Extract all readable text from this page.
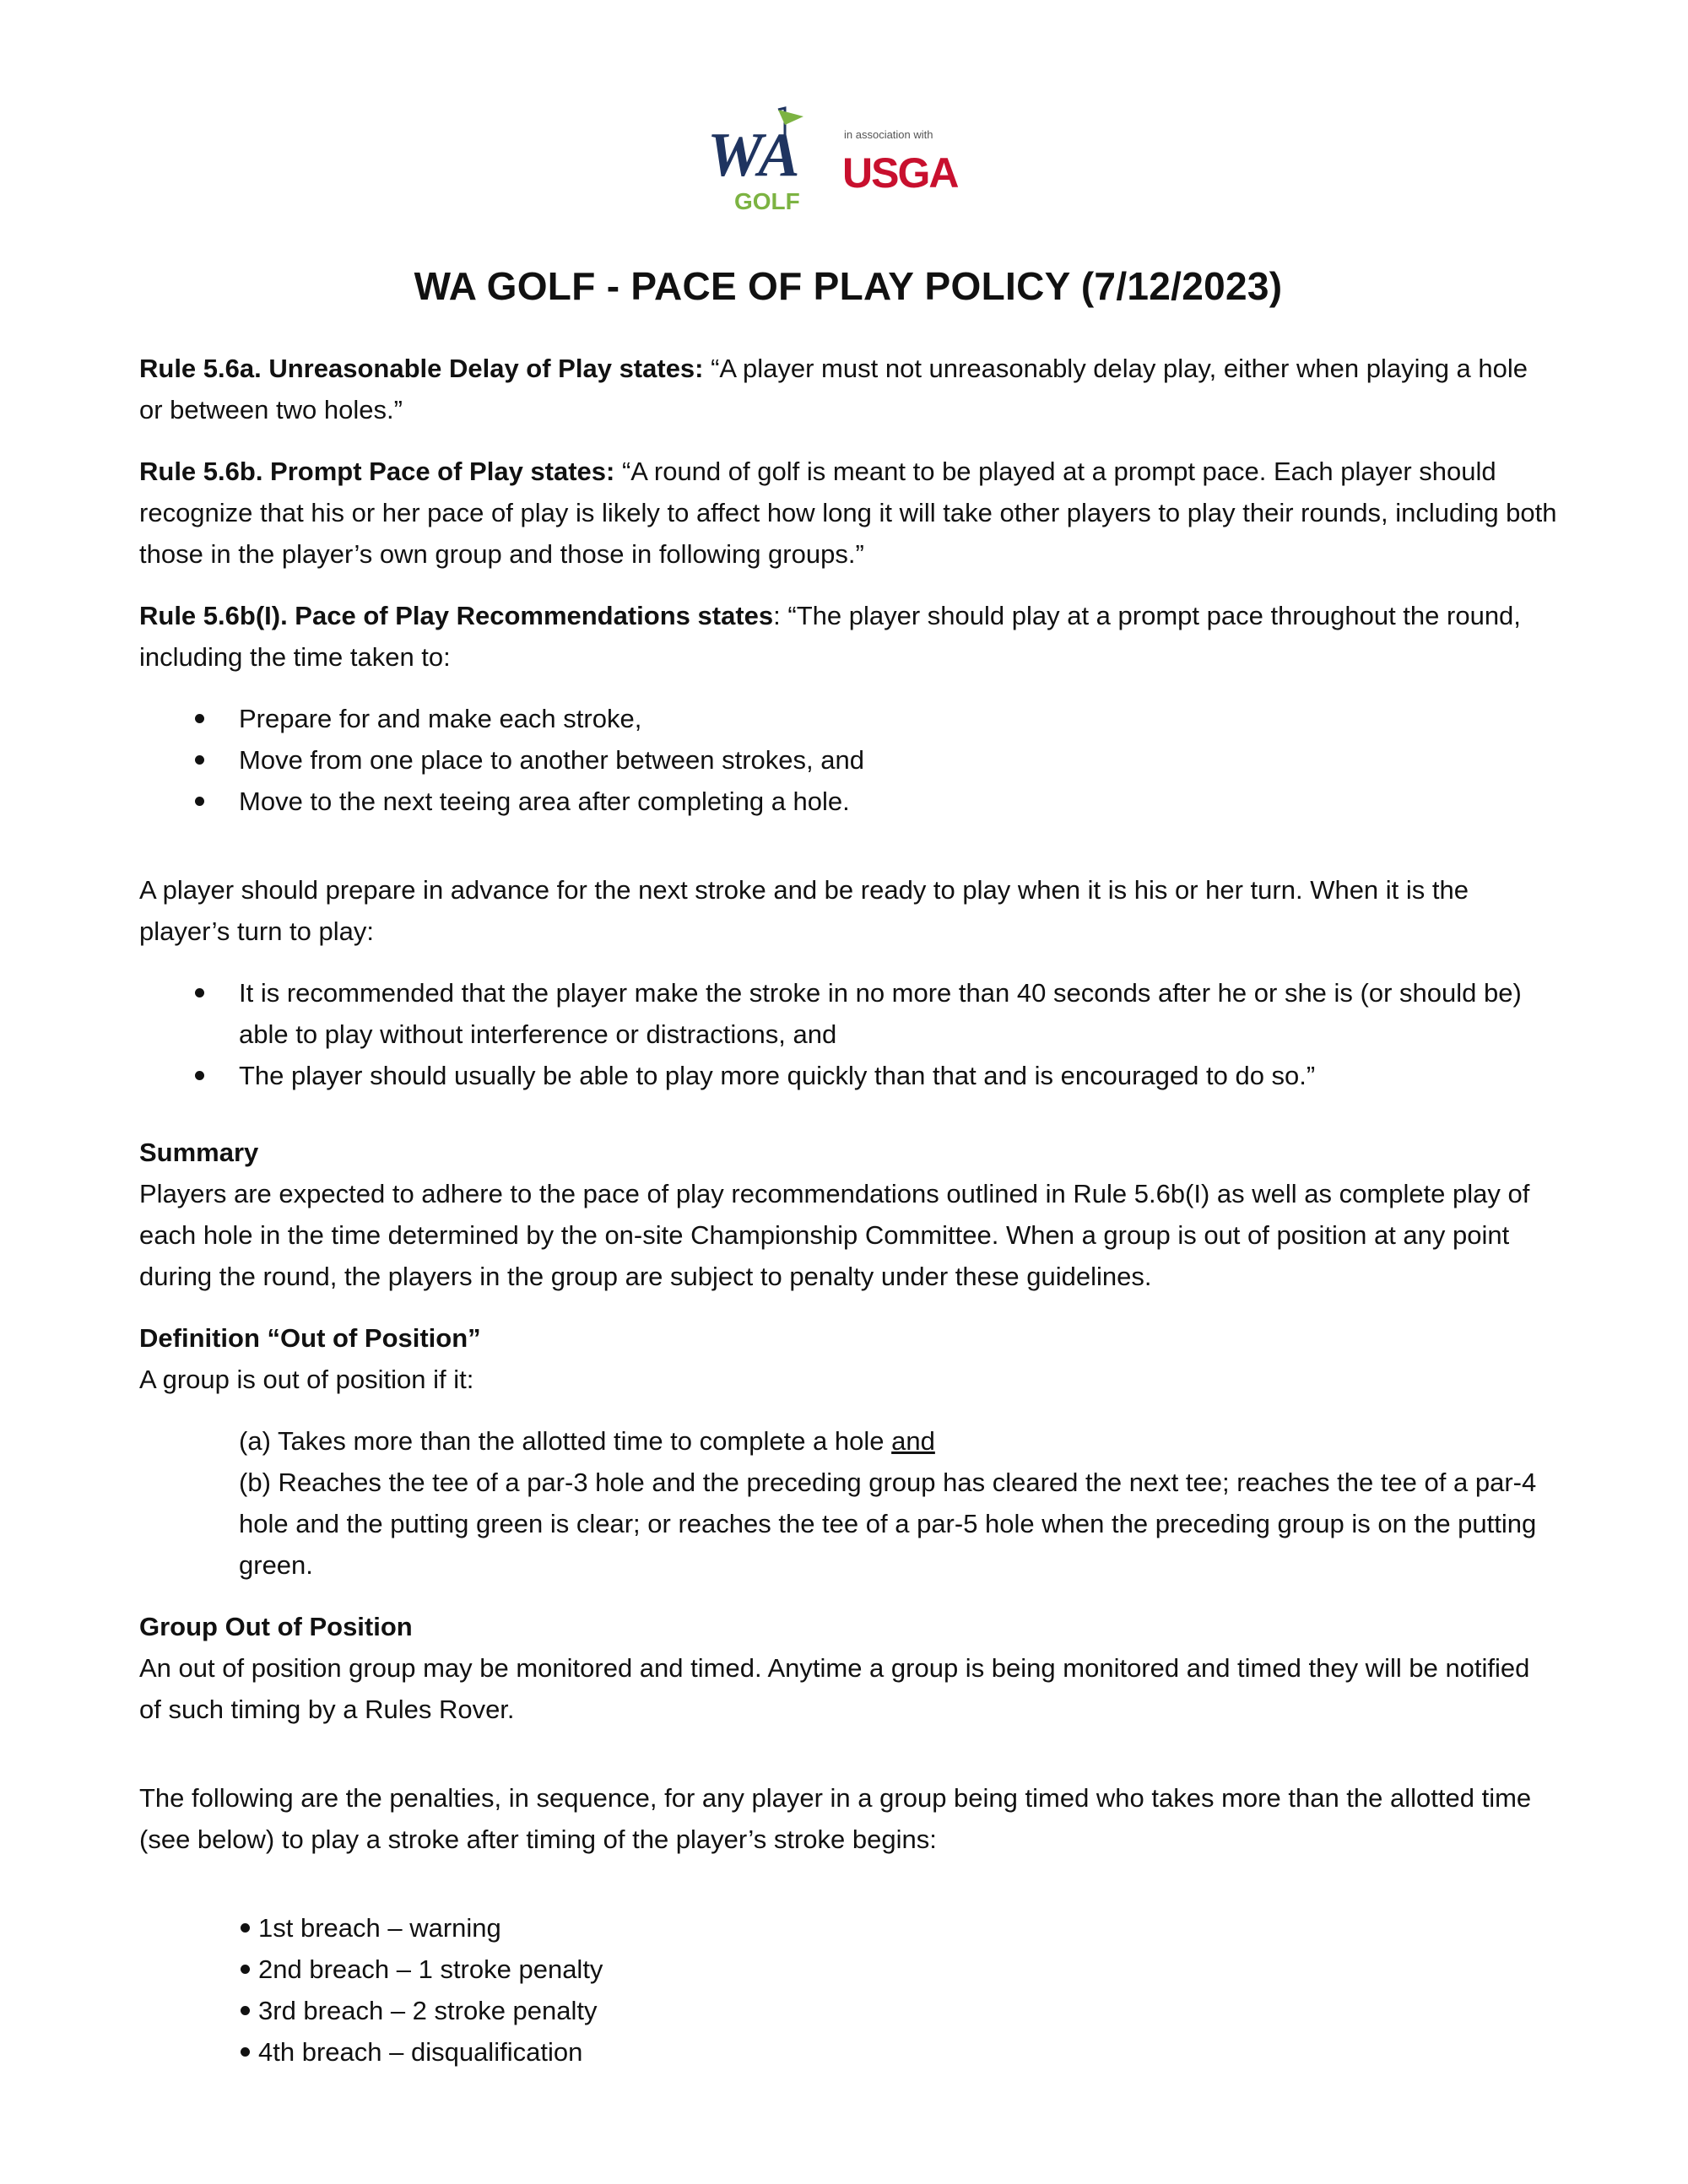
WA
GOLF
in association with
USGA
WA GOLF - PACE OF PLAY POLICY (7/12/2023)

Rule 5.6a. Unreasonable Delay of Play states: “A player must not unreasonably delay play, either when playing a hole or between two holes.”

Rule 5.6b. Prompt Pace of Play states: “A round of golf is meant to be played at a prompt pace. Each player should recognize that his or her pace of play is likely to affect how long it will take other players to play their rounds, including both those in the player’s own group and those in following groups.”

Rule 5.6b(I). Pace of Play Recommendations states: “The player should play at a prompt pace throughout the round, including the time taken to:

Prepare for and make each stroke,
Move from one place to another between strokes, and
Move to the next teeing area after completing a hole.

A player should prepare in advance for the next stroke and be ready to play when it is his or her turn. When it is the player’s turn to play:

It is recommended that the player make the stroke in no more than 40 seconds after he or she is (or should be) able to play without interference or distractions, and
The player should usually be able to play more quickly than that and is encouraged to do so.”

Summary

Players are expected to adhere to the pace of play recommendations outlined in Rule 5.6b(I) as well as complete play of each hole in the time determined by the on-site Championship Committee. When a group is out of position at any point during the round, the players in the group are subject to penalty under these guidelines.

Definition “Out of Position”

A group is out of position if it:

(a) Takes more than the allotted time to complete a hole and

(b) Reaches the tee of a par-3 hole and the preceding group has cleared the next tee; reaches the tee of a par-4 hole and the putting green is clear; or reaches the tee of a par-5 hole when the preceding group is on the putting green.

Group Out of Position

An out of position group may be monitored and timed. Anytime a group is being monitored and timed they will be notified of such timing by a Rules Rover.

The following are the penalties, in sequence, for any player in a group being timed who takes more than the allotted time (see below) to play a stroke after timing of the player’s stroke begins:

1st breach – warning
2nd breach – 1 stroke penalty
3rd breach – 2 stroke penalty
4th breach – disqualification
